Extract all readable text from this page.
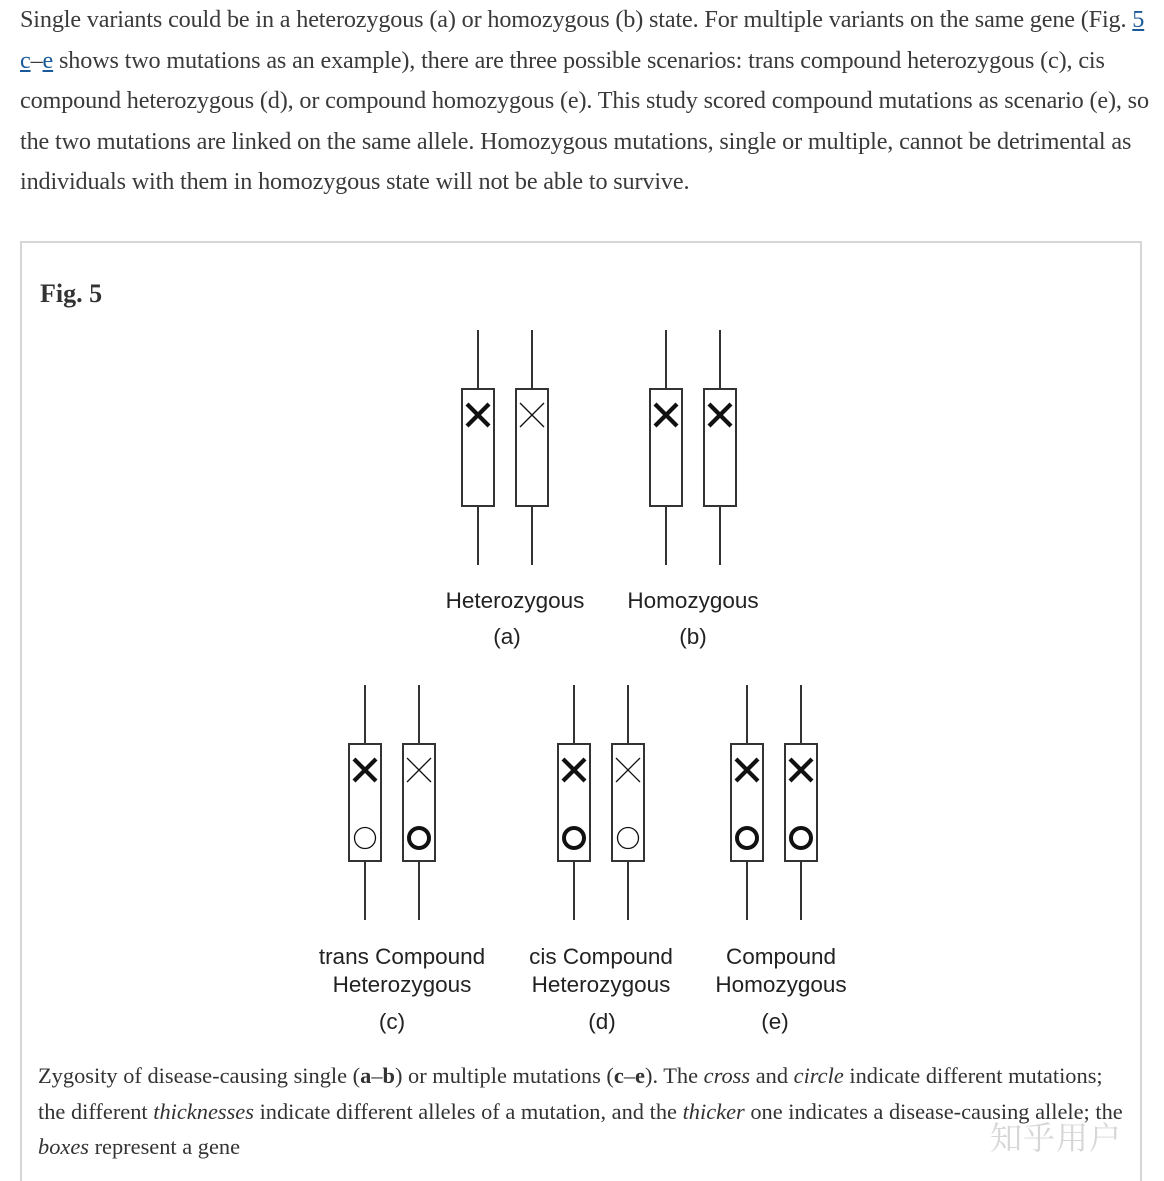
Single variants could be in a heterozygous (a) or homozygous (b) state. For multiple variants on the same gene (Fig. 5 c–e shows two mutations as an example), there are three possible scenarios: trans compound heterozygous (c), cis compound heterozygous (d), or compound homozygous (e). This study scored compound mutations as scenario (e), so the two mutations are linked on the same allele. Homozygous mutations, single or multiple, cannot be detrimental as individuals with them in homozygous state will not be able to survive.
Fig. 5
Heterozygous
(a)
Homozygous
(b)
trans Compound
Heterozygous
(c)
cis Compound
Heterozygous
(d)
Compound
Homozygous
(e)
Zygosity of disease-causing single (a–b) or multiple mutations (c–e). The cross and circle indicate different mutations; the different thicknesses indicate different alleles of a mutation, and the thicker one indicates a disease-causing allele; the boxes represent a gene	知乎用户
